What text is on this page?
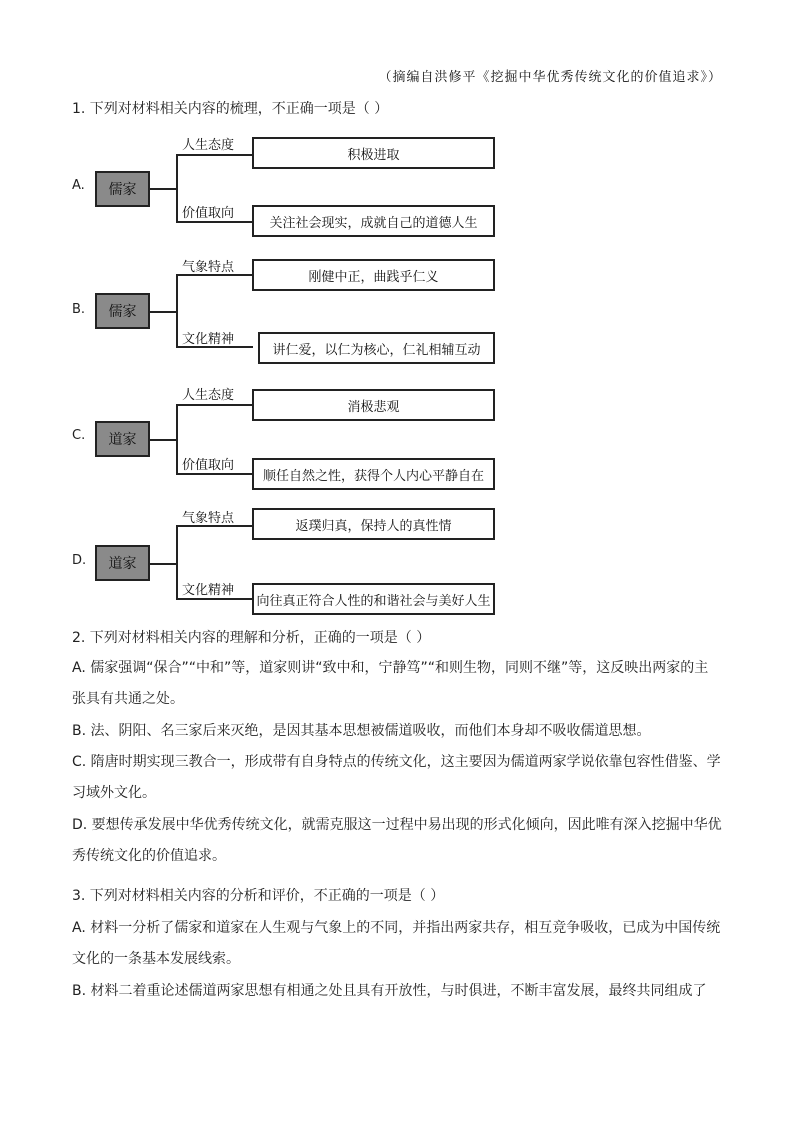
（摘编自洪修平《挖掘中华优秀传统文化的价值追求》）
1. 下列对材料相关内容的梳理，不正确一项是（ ）
A.	儒家
人生态度
价值取向
积极进取
关注社会现实，成就自己的道德人生
B.	儒家
气象特点
文化精神
刚健中正，曲践乎仁义
讲仁爱，以仁为核心，仁礼相辅互动
C.	道家
人生态度
价值取向
消极悲观
顺任自然之性，获得个人内心平静自在
D.	道家
气象特点
文化精神
返璞归真，保持人的真性情
向往真正符合人性的和谐社会与美好人生
2. 下列对材料相关内容的理解和分析，正确的一项是（ ）
A. 儒家强调“保合”“中和”等，道家则讲“致中和，宁静笃”“和则生物，同则不继”等，这反映出两家的主张具有共通之处。
B. 法、阴阳、名三家后来灭绝，是因其基本思想被儒道吸收，而他们本身却不吸收儒道思想。
C. 隋唐时期实现三教合一，形成带有自身特点的传统文化，这主要因为儒道两家学说依靠包容性借鉴、学习域外文化。
D. 要想传承发展中华优秀传统文化，就需克服这一过程中易出现的形式化倾向，因此唯有深入挖掘中华优秀传统文化的价值追求。
3. 下列对材料相关内容的分析和评价，不正确的一项是（ ）
A. 材料一分析了儒家和道家在人生观与气象上的不同，并指出两家共存，相互竞争吸收，已成为中国传统文化的一条基本发展线索。
B. 材料二着重论述儒道两家思想有相通之处且具有开放性，与时俱进，不断丰富发展，最终共同组成了
